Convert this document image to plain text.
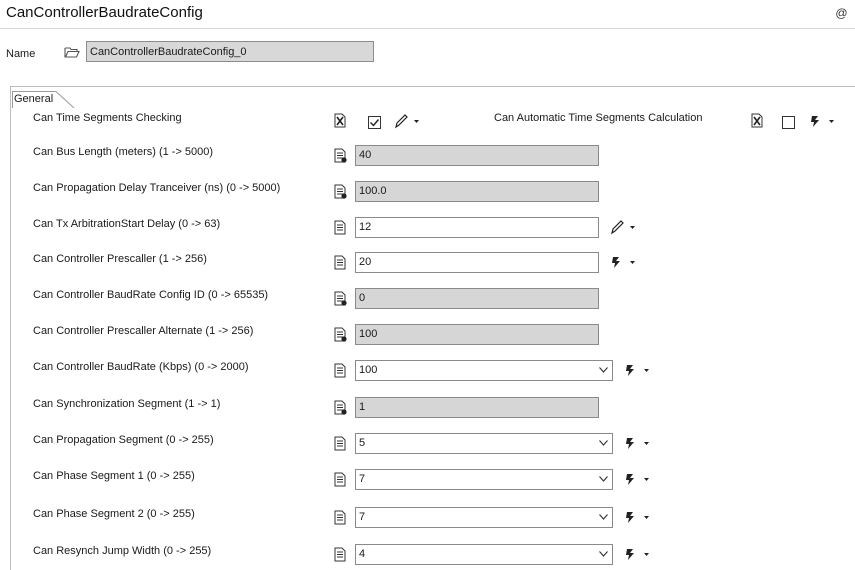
CanControllerBaudrateConfig	@
Name	CanControllerBaudrateConfig_0
General
Can Time Segments Checking	Can Automatic Time Segments Calculation
Can Bus Length (meters) (1 -> 5000)	40
Can Propagation Delay Tranceiver (ns) (0 -> 5000)	100.0
Can Tx ArbitrationStart Delay (0 -> 63)	12
Can Controller Prescaller (1 -> 256)	20
Can Controller BaudRate Config ID (0 -> 65535)	0
Can Controller Prescaller Alternate (1 -> 256)	100
Can Controller BaudRate (Kbps) (0 -> 2000)	100
Can Synchronization Segment (1 -> 1)	1
Can Propagation Segment (0 -> 255)	5
Can Phase Segment 1 (0 -> 255)	7
Can Phase Segment 2 (0 -> 255)	7
Can Resynch Jump Width (0 -> 255)	4
